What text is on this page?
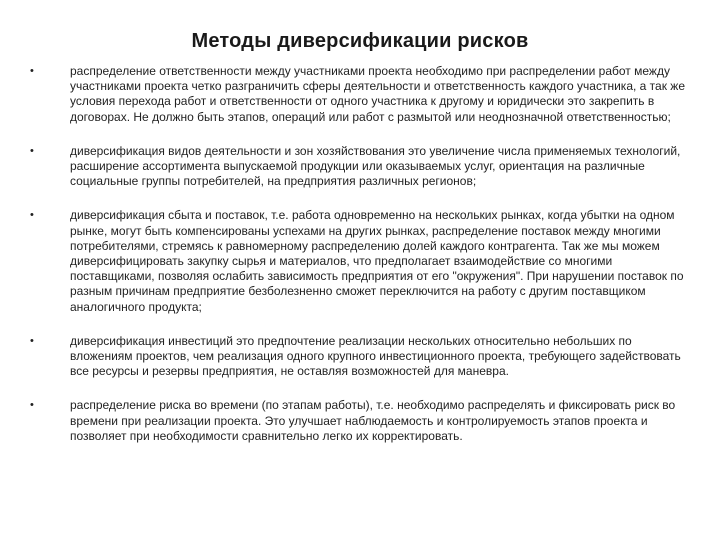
Методы диверсификации рисков
•	распределение ответственности между участниками проекта необходимо при распределении работ между участниками проекта четко разграничить сферы деятельности и ответственность каждого участника, а так же условия перехода работ и ответственности от одного участника к другому и юридически это закрепить в договорах. Не должно быть этапов, операций или работ с размытой или неоднозначной ответственностью;
•	диверсификация видов деятельности и зон хозяйствования это увеличение числа применяемых технологий, расширение ассортимента выпускаемой продукции или оказываемых услуг, ориентация на различные социальные группы потребителей, на предприятия различных регионов;
•	диверсификация сбыта и поставок, т.е. работа одновременно на нескольких рынках, когда убытки на одном рынке, могут быть компенсированы успехами на других рынках, распределение поставок между многими потребителями, стремясь к равномерному распределению долей каждого контрагента. Так же мы можем диверсифицировать закупку сырья и материалов, что предполагает взаимодействие со многими поставщиками, позволяя ослабить зависимость предприятия от его "окружения". При нарушении поставок по разным причинам предприятие безболезненно сможет переключится на работу с другим поставщиком аналогичного продукта;
•	диверсификация инвестиций это предпочтение реализации нескольких относительно небольших по вложениям проектов, чем реализация одного крупного инвестиционного проекта, требующего задействовать все ресурсы и резервы предприятия, не оставляя возможностей для маневра.
•	распределение риска во времени (по этапам работы), т.е. необходимо распределять и фиксировать риск во времени при реализации проекта. Это улучшает наблюдаемость и контролируемость этапов проекта и позволяет при необходимости сравнительно легко их корректировать.
